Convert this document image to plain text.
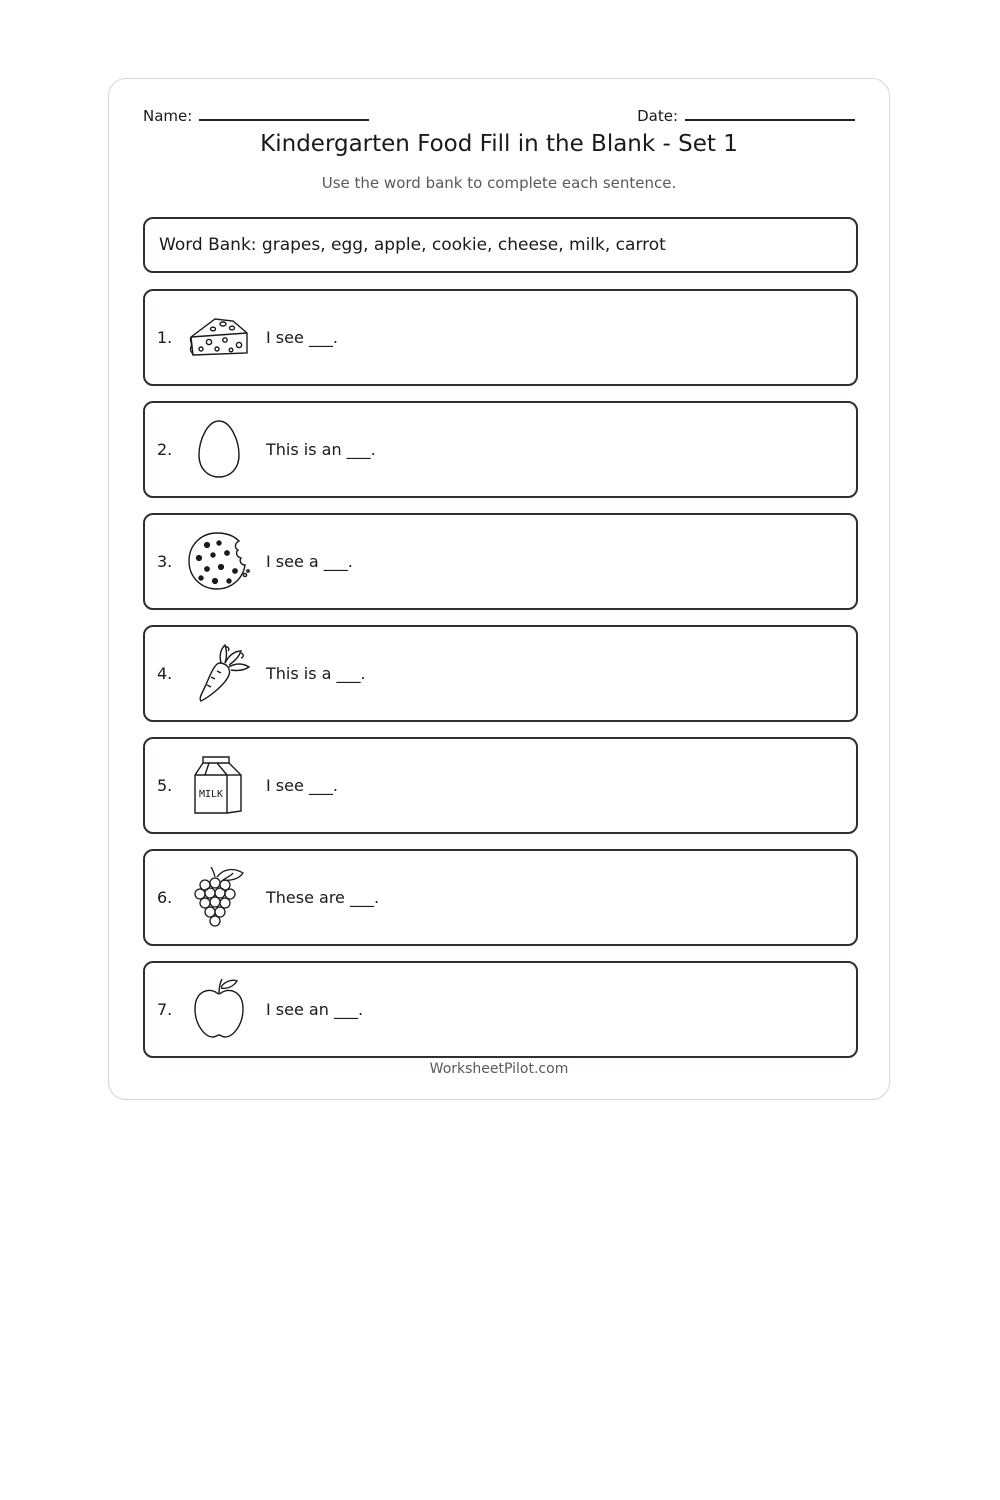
Name:	Date:
Kindergarten Food Fill in the Blank - Set 1
Use the word bank to complete each sentence.
Word Bank: grapes, egg, apple, cookie, cheese, milk, carrot
1.	I see ___.
2.	This is an ___.
3.	I see a ___.
4.	This is a ___.
5.	MILK	I see ___.
6.	These are ___.
7.	I see an ___.
WorksheetPilot.com
